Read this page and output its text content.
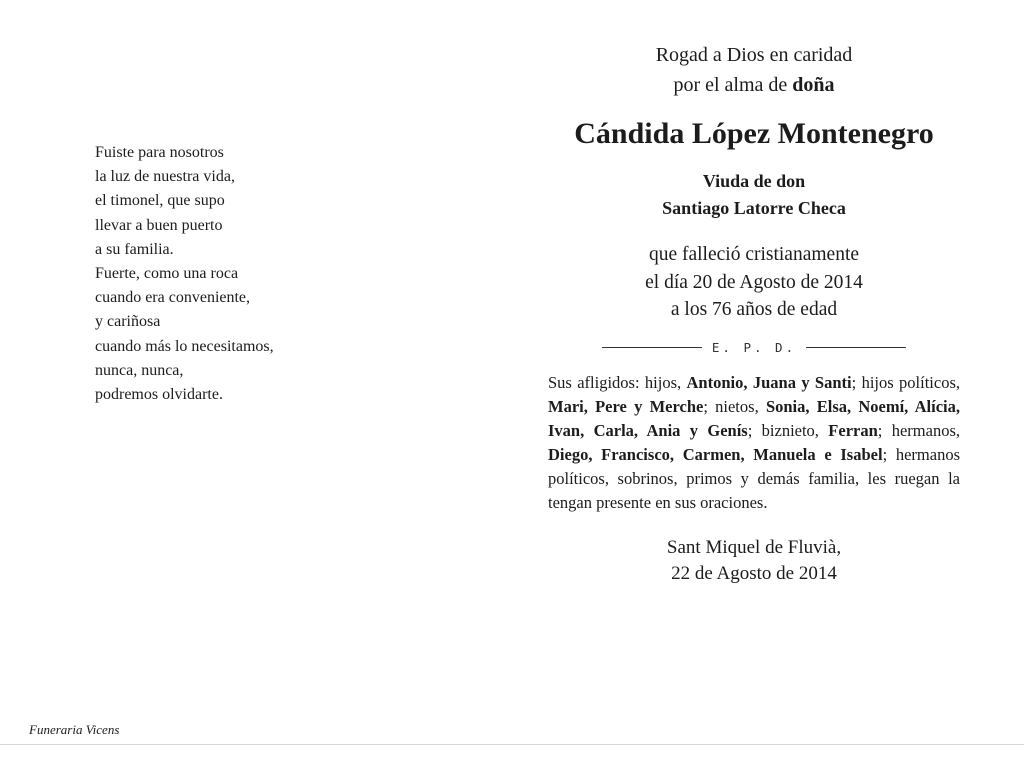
Fuiste para nosotros
la luz de nuestra vida,
el timonel, que supo
llevar a buen puerto
a su familia.
Fuerte, como una roca
cuando era conveniente,
y cariñosa
cuando más lo necesitamos,
nunca, nunca,
podremos olvidarte.
Rogad a Dios en caridad
por el alma de doña
Cándida López Montenegro
Viuda de don
Santiago Latorre Checa
que falleció cristianamente
el día 20 de Agosto de 2014
a los 76 años de edad
E. P. D.
Sus afligidos: hijos, Antonio, Juana y Santi; hijos políticos, Mari, Pere y Merche; nietos, Sonia, Elsa, Noemí, Alícia, Ivan, Carla, Ania y Genís; biznieto, Ferran; hermanos, Diego, Francisco, Carmen, Manuela e Isabel; hermanos políticos, sobrinos, primos y demás familia, les ruegan la tengan presente en sus oraciones.
Sant Miquel de Fluvià,
22 de Agosto de 2014
Funeraria Vicens
